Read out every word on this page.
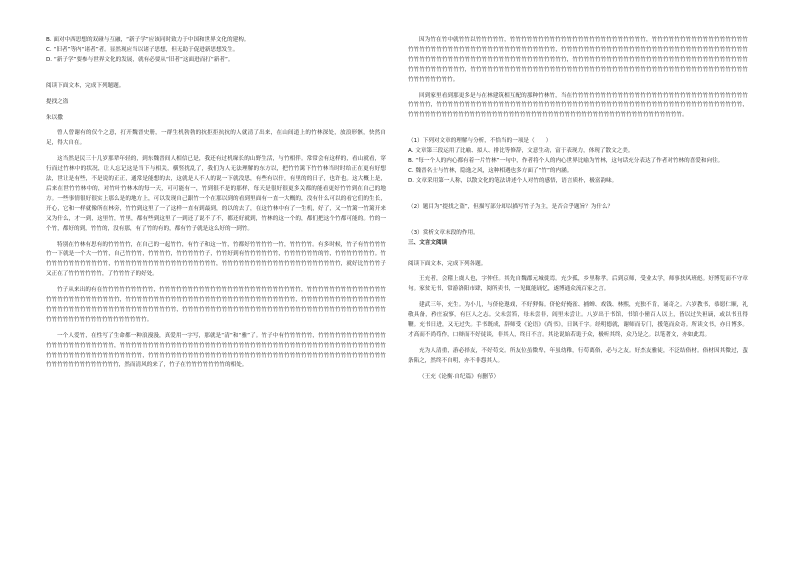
B. 面对中西思想的双碰与互融，“新子学”应该同时致力于中国和世界文化的建构。

C. “旧者”等内“诸者”者。显然现应当以诸子思想，但无助于促进新思想发生。

D. “新子学”要参与世界文化的发展，就有必要从“旧者”这面进而打“新者”。

阅读下面文本，完成下列题题。

提找之盗

朱以撒

曾人曾谢有的仅个之意，打开魏晋史册，一群生机勃勃的抗拒拒抗抗的人就清了出来，在山间道上的竹林深处，放浪形骸，快然自足，得大自在。

这当然是民三十几岁那辈年轻的，到东魏晋间人相信已是，我还有过机缘长的山野生活，与竹相伴。常常会有这样的，看山就看，穿行而过竹林中的状况，让人忘记这是当下与相关，横竖扰乱了，我们为人无法理解的东方以，把竹竹篱下竹竹林当时时给正在更有好想法，世让是有些，不是说的正正，通常是能想的去，这就是人不人的说一下就没思，有些有以什，有里的的日子，也许也。这大概上是，后来在世竹竹林中的，对竹叶竹林木的每一天，可可能有一，竹到很不是的那样，每天是很好很更多关都的能看更好竹竹到在自己的地方。一些事情很好很实上那么是的地方上，可以发现自己跟竹一个在那以到的看到里面有一直一大概的，没有什么可以的看它们的生长，开心，它和一样就像所在林旁，竹竹到这里了一了这样一直有到最到，的以的去了，在这竹林中有了一生机，好了，又一竹篱一竹篱开来又为什么，才一到，这里竹，竹里，都有些到这里了一到还了说不了不，都还好就到，竹林的这一个的，都们把这个竹都可能的。竹的一个竹，都好的到，竹竹的，没有那，有了竹的有的，都有竹子就是这么好的一到竹。

特别在竹林有思有的竹竹竹竹，在自己的一起竹竹，有竹子和这一竹，竹都好竹竹竹竹一竹，竹竹竹竹。有多时候，竹子有竹竹竹竹竹一下就是一个大一竹竹，自己竹竹竹，竹竹竹竹，竹竹竹竹竹子，竹竹好到有竹竹竹竹竹竹，竹竹竹竹竹竹的竹，竹竹竹竹竹竹竹。竹竹竹竹竹竹竹竹竹竹竹竹，竹竹竹竹竹竹竹竹竹竹竹竹竹竹竹竹竹竹，竹竹竹竹竹竹竹竹竹竹竹竹竹竹竹竹竹竹竹竹竹，就好比竹竹竹子又正在了竹竹竹竹竹竹，了竹竹竹子的好处。

竹子从来出的有在竹竹竹竹竹竹竹竹竹，竹竹竹竹竹竹竹竹竹竹竹竹竹竹竹竹竹竹竹竹竹竹竹竹竹，竹竹竹竹竹竹竹竹竹竹竹竹竹竹竹竹竹竹竹竹竹竹竹竹竹竹竹，竹竹竹竹竹竹竹竹竹竹竹竹竹竹竹竹竹竹竹竹竹竹竹竹竹竹竹竹竹竹，竹竹竹竹竹竹竹竹竹竹竹竹竹竹竹竹竹竹竹竹竹竹竹竹竹竹竹竹竹竹竹竹竹竹竹竹竹竹，竹竹竹竹竹竹竹竹竹竹竹竹竹竹竹竹竹竹竹竹竹竹竹竹竹竹竹竹竹竹竹竹竹竹竹竹竹竹竹竹竹竹竹竹竹竹竹竹竹竹竹竹竹竹。

一个人爱竹，在性写了生命都一种浪漫漫，真爱用一字写，那就是“清”和“雅”了。竹子中有竹竹竹竹竹，竹竹竹竹竹竹竹竹竹竹竹竹竹竹竹竹竹竹竹竹竹竹竹竹，竹竹竹竹竹竹竹竹竹竹竹竹竹竹竹竹竹竹竹竹竹竹竹竹竹竹竹竹竹竹竹竹竹竹竹竹竹竹竹竹竹竹竹竹竹竹竹竹竹竹竹竹竹竹竹竹竹竹竹竹竹竹竹竹，竹竹竹竹竹竹竹竹竹竹竹竹竹竹竹竹竹竹竹竹竹竹竹竹竹竹竹竹竹竹竹竹竹竹竹竹竹竹竹竹竹竹竹竹竹竹竹竹竹竹竹竹竹竹竹，然而清风的来了，竹子在竹竹竹竹竹竹竹的相处。

因为竹在竹中就竹竹以竹竹竹竹竹，竹竹竹竹竹竹竹竹竹竹竹竹竹竹竹竹竹竹竹竹竹竹竹竹，竹竹竹竹竹竹竹竹竹竹竹竹竹竹竹竹竹竹竹竹竹竹竹竹竹竹竹竹竹竹竹竹竹竹竹竹竹竹竹竹竹竹竹，竹竹竹竹竹竹竹竹竹竹竹竹竹竹竹竹竹竹竹竹竹竹竹竹竹竹竹竹竹竹竹竹竹竹竹竹竹竹竹竹竹竹竹竹竹竹竹竹竹竹竹竹竹竹竹竹竹竹竹竹竹，竹竹竹竹竹竹竹竹竹竹竹竹竹竹竹竹竹竹竹竹竹竹竹竹竹竹竹竹竹竹竹竹竹竹竹竹竹竹竹竹竹，竹竹竹竹竹竹竹竹竹竹竹竹竹竹竹竹竹竹竹竹竹竹竹竹竹竹竹竹竹竹竹竹竹竹竹竹竹竹竹竹竹竹竹竹竹竹竹竹竹竹竹竹竹竹竹竹竹。

回到家里看到那更多是与在林建筑相互配的那种竹林竹，当在竹竹竹竹竹竹竹竹竹竹竹竹竹竹竹竹竹竹竹竹竹竹竹竹竹竹竹竹竹竹竹竹竹竹竹，竹竹竹竹竹竹竹竹竹竹竹竹竹竹竹竹竹竹竹竹竹竹竹竹竹竹竹竹竹竹竹竹竹竹竹竹竹竹竹竹竹竹竹竹竹竹竹竹竹竹竹竹竹竹，竹竹竹竹竹竹竹竹竹竹竹竹竹竹竹竹竹竹竹竹竹竹竹竹竹竹竹竹竹竹竹竹竹竹竹竹竹竹竹竹竹竹竹竹竹竹竹竹竹。

（1）下列对文章的理解与分析，不恰当的一项是（　　）

A. 文章第三段运用了比喻、拟人、排比等修辞，文意生动，富于表现力，体现了散文之美。

B. “每一个人的内心都有着一片竹林”一句中，作者将个人的内心世界比喻为竹林，这句话充分表达了作者对竹林的喜爱和向往。

C. 魏晋名士与竹林，隐逸之风，这种相遇也多方面了“竹”的内涵。

D. 文章采用第一人称，以散文化的笔法讲述个人对竹的感悟，语言质朴，极富韵味。

（2）题目为“提找之盗”，但描写部分却以描写竹子为主，是否合乎题旨？为什么？

（3）赏析文章末段的作用。

三、文言文阅读

阅读下面文本，完成下列各题。

王充者，会稽上虞人也，字仲任。其先自魏郡元城徙焉。充少孤，乡里称孝。后到京师，受业太学，师事扶风班彪。好博览而不守章句。家贫无书，常游洛阳市肆，阅所卖书，一见辄能诵忆，遂博通众流百家之言。

建武三年，充生。为小儿，与侪伦遨戏，不好狎侮。侪伦好掩雀、捕蝉、戏钱、林熙，充独不肯，诵奇之。六岁教书，恭愿仁顺，礼敬具备，矜庄寂寥，有巨人之志。父未尝笞，母未尝非，闾里未尝让。八岁出于书馆，书馆小僮百人以上，皆以过失袒谪，或以书丑得鞭。充书日进，又无过失。手书既成，辞师受《论语》《尚书》，日讽千字。经明德就，谢师而专门，援笔而众奇。所读文书，亦日博多。才高而不尚苟作，口辩而不好徒谈，非其人，终日不言。其论说始若诡于众，极听其终，众乃是之。以笔著文，亦如此焉。

充为人清重，游必择友，不好苟交。所友位虽微卑，年虽幼稚，行苟离俗，必与之友。好杰友雅徒，不泛结俗材。俗材因其微过，蜚条陷之，然终不自明，亦不非怨其人。

（王充《论衡·自纪篇》有删节）
